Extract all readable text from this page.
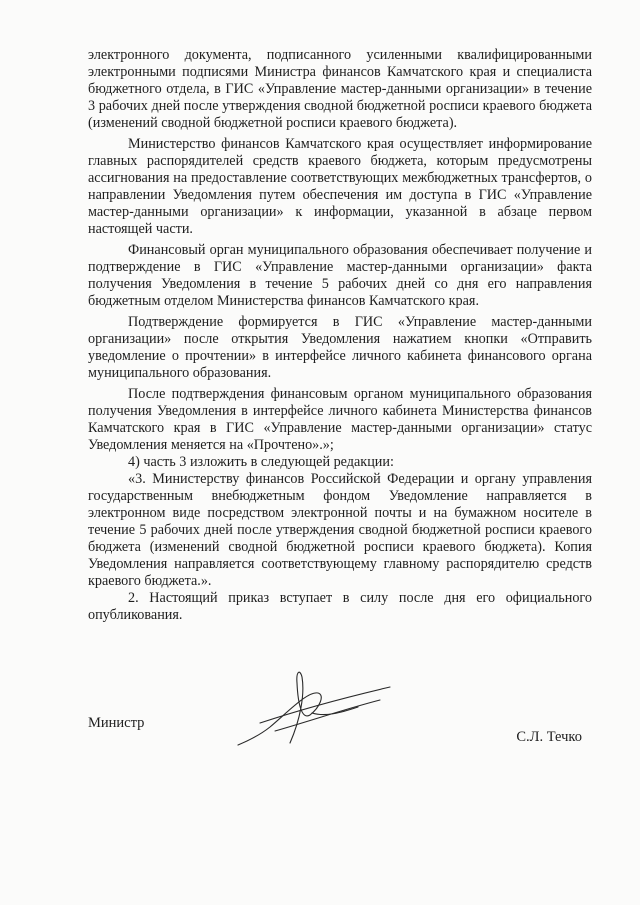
электронного документа, подписанного усиленными квалифицированными электронными подписями Министра финансов Камчатского края и специалиста бюджетного отдела, в ГИС «Управление мастер-данными организации» в течение 3 рабочих дней после утверждения сводной бюджетной росписи краевого бюджета (изменений сводной бюджетной росписи краевого бюджета).

Министерство финансов Камчатского края осуществляет информирование главных распорядителей средств краевого бюджета, которым предусмотрены ассигнования на предоставление соответствующих межбюджетных трансфертов, о направлении Уведомления путем обеспечения им доступа в ГИС «Управление мастер-данными организации» к информации, указанной в абзаце первом настоящей части.

Финансовый орган муниципального образования обеспечивает получение и подтверждение в ГИС «Управление мастер-данными организации» факта получения Уведомления в течение 5 рабочих дней со дня его направления бюджетным отделом Министерства финансов Камчатского края.

Подтверждение формируется в ГИС «Управление мастер-данными организации» после открытия Уведомления нажатием кнопки «Отправить уведомление о прочтении» в интерфейсе личного кабинета финансового органа муниципального образования.

После подтверждения финансовым органом муниципального образования получения Уведомления в интерфейсе личного кабинета Министерства финансов Камчатского края в ГИС «Управление мастер-данными организации» статус Уведомления меняется на «Прочтено».»;

4) часть 3 изложить в следующей редакции:

«3. Министерству финансов Российской Федерации и органу управления государственным внебюджетным фондом Уведомление направляется в электронном виде посредством электронной почты и на бумажном носителе в течение 5 рабочих дней после утверждения сводной бюджетной росписи краевого бюджета (изменений сводной бюджетной росписи краевого бюджета). Копия Уведомления направляется соответствующему главному распорядителю средств краевого бюджета.».

2. Настоящий приказ вступает в силу после дня его официального опубликования.

Министр
С.Л. Течко
